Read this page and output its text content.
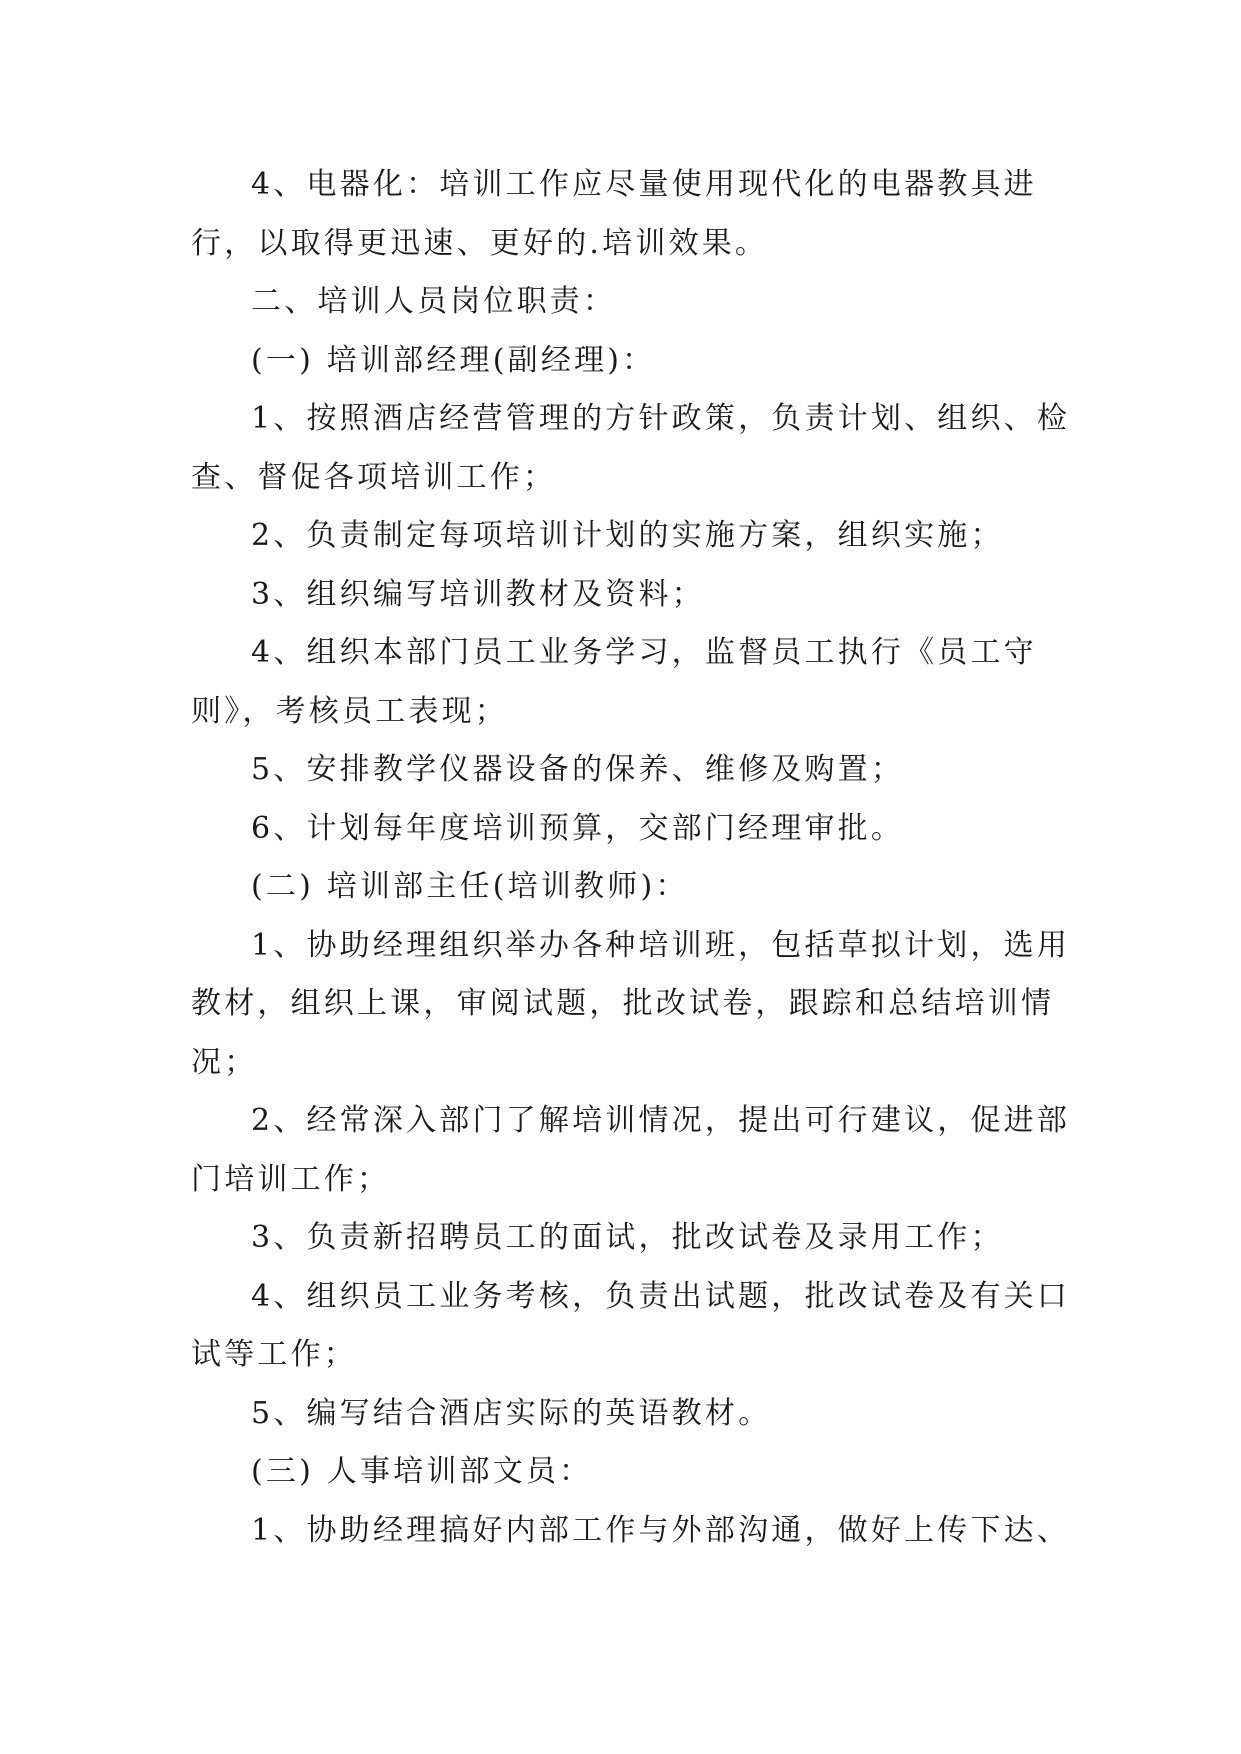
4、电器化：培训工作应尽量使用现代化的电器教具进行，以取得更迅速、更好的.培训效果。

二、培训人员岗位职责：

(一) 培训部经理(副经理)：

1、按照酒店经营管理的方针政策，负责计划、组织、检查、督促各项培训工作；

2、负责制定每项培训计划的实施方案，组织实施；

3、组织编写培训教材及资料；

4、组织本部门员工业务学习，监督员工执行《员工守则》，考核员工表现；

5、安排教学仪器设备的保养、维修及购置；

6、计划每年度培训预算，交部门经理审批。

(二) 培训部主任(培训教师)：

1、协助经理组织举办各种培训班，包括草拟计划，选用教材，组织上课，审阅试题，批改试卷，跟踪和总结培训情况；

2、经常深入部门了解培训情况，提出可行建议，促进部门培训工作；

3、负责新招聘员工的面试，批改试卷及录用工作；

4、组织员工业务考核，负责出试题，批改试卷及有关口试等工作；

5、编写结合酒店实际的英语教材。

(三) 人事培训部文员：

1、协助经理搞好内部工作与外部沟通，做好上传下达、
